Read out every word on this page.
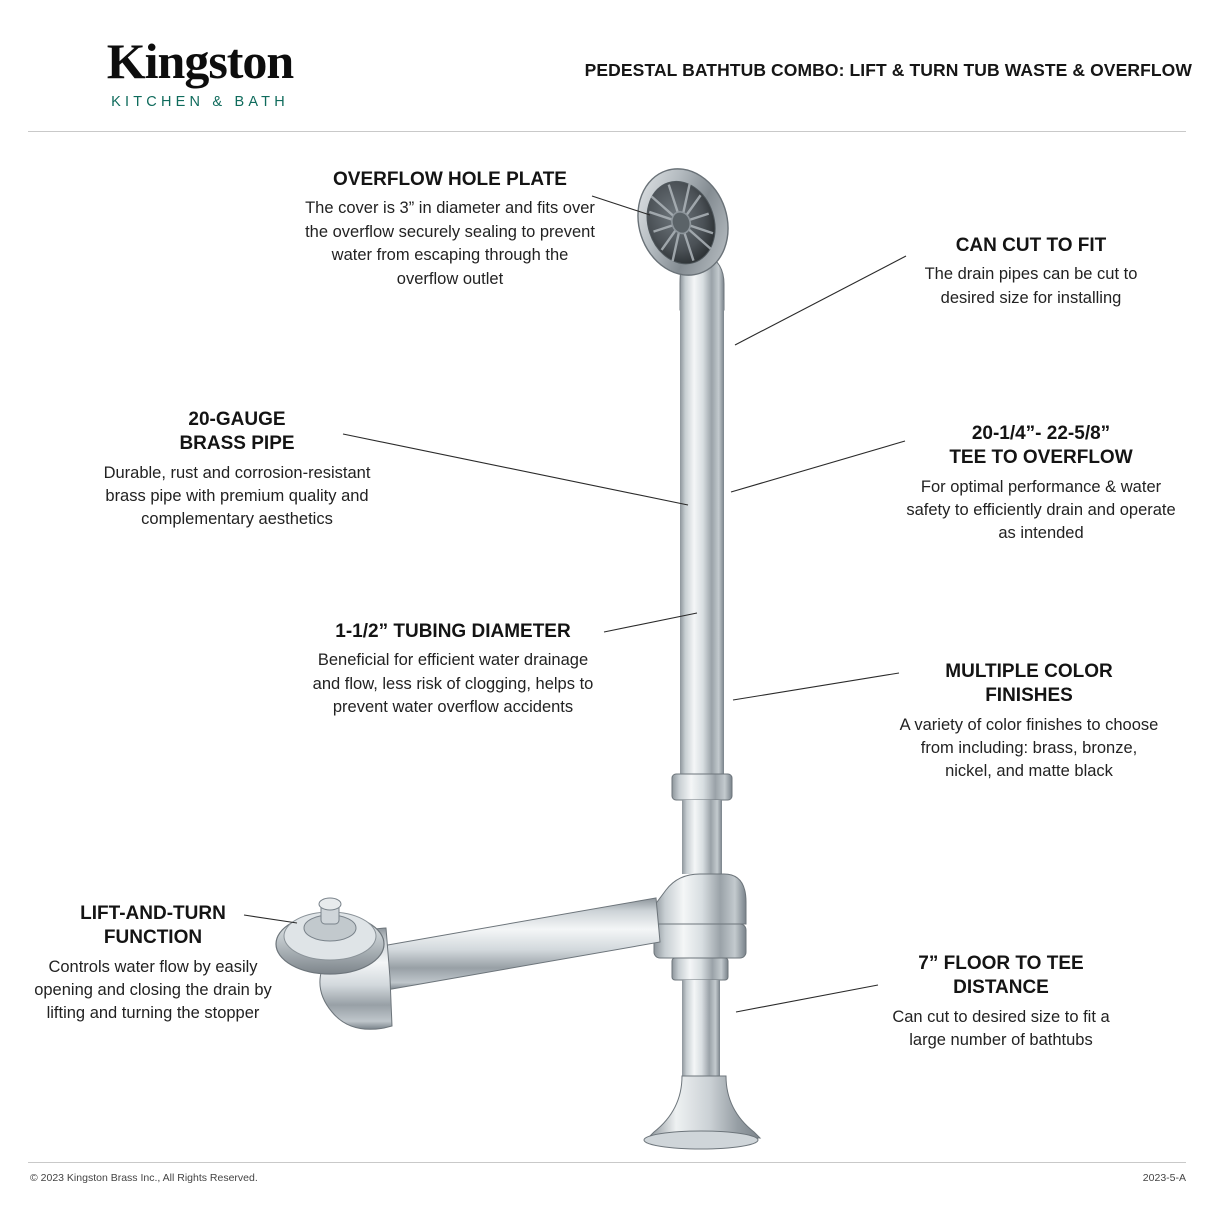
Kingston
KITCHEN & BATH
PEDESTAL BATHTUB COMBO: LIFT & TURN TUB WASTE & OVERFLOW
OVERFLOW HOLE PLATE
The cover is 3” in diameter and fits over the overflow securely sealing to prevent water from escaping through the overflow outlet
CAN CUT TO FIT
The drain pipes can be cut to desired size for installing
20-GAUGE
BRASS PIPE
Durable, rust and corrosion-resistant brass pipe with premium quality and complementary aesthetics
20-1/4”- 22-5/8”
TEE TO OVERFLOW
For optimal performance & water safety to efficiently drain and operate as intended
1-1/2” TUBING DIAMETER
Beneficial for efficient water drainage and flow, less risk of clogging, helps to prevent water overflow accidents
MULTIPLE COLOR
FINISHES
A variety of color finishes to choose from including: brass, bronze, nickel, and matte black
LIFT-AND-TURN
FUNCTION
Controls water flow by easily opening and closing the drain by lifting and turning the stopper
7” FLOOR TO TEE
DISTANCE
Can cut to desired size to fit a large number of bathtubs
© 2023 Kingston Brass Inc., All Rights Reserved.	2023-5-A
